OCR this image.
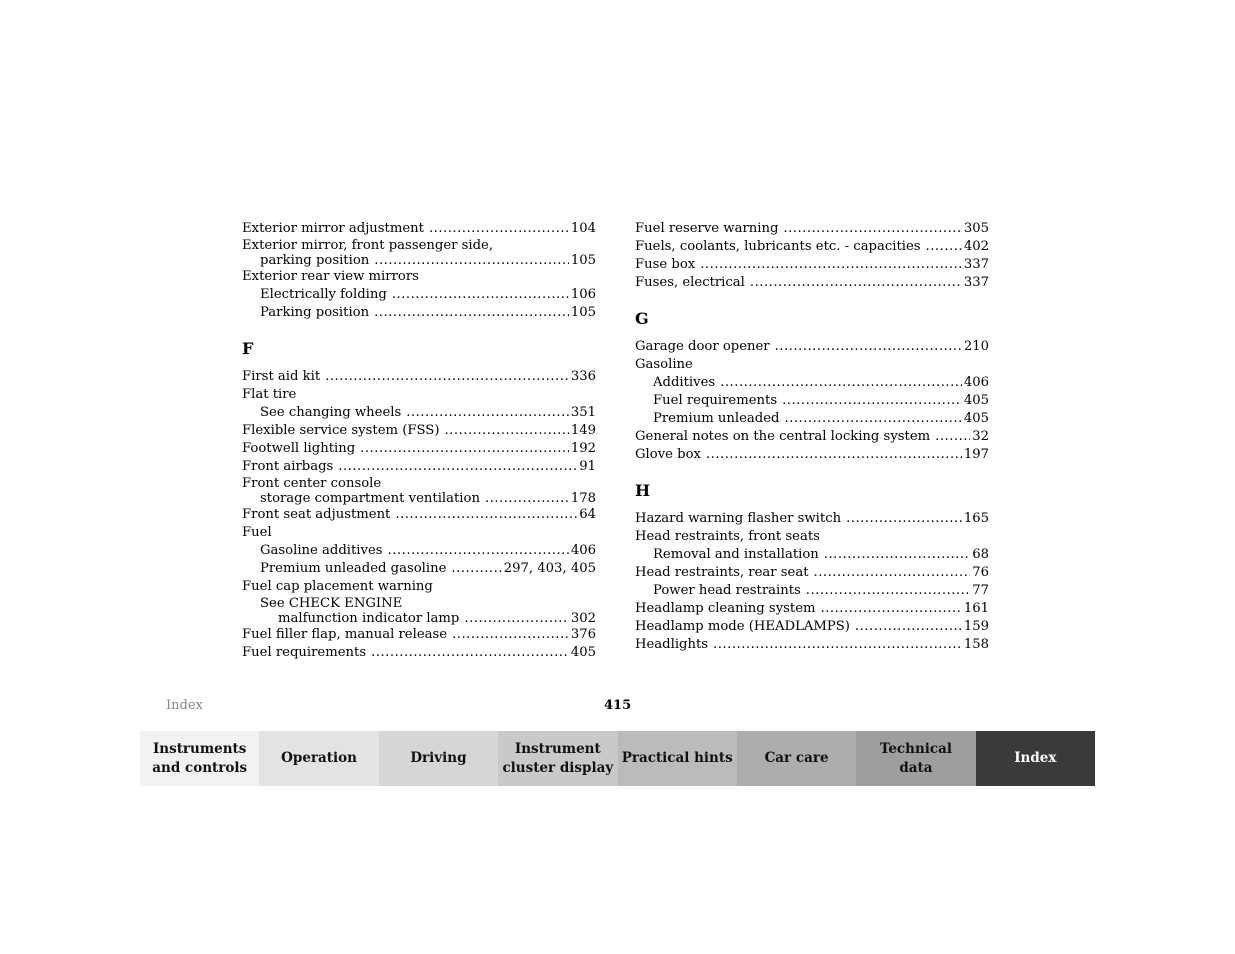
Exterior mirror adjustment .....	104
Exterior mirror, front passenger side,
parking position .....	105
Exterior rear view mirrors
Electrically folding .....	106
Parking position .....	105
F
First aid kit .....	336
Flat tire
See changing wheels .....	351
Flexible service system (FSS) .....	149
Footwell lighting .....	192
Front airbags .....	91
Front center console
storage compartment ventilation .....	178
Front seat adjustment .....	64
Fuel
Gasoline additives .....	406
Premium unleaded gasoline .....	297, 403, 405
Fuel cap placement warning
See CHECK ENGINE
malfunction indicator lamp .....	302
Fuel filler flap, manual release .....	376
Fuel requirements .....	405
Fuel reserve warning .....	305
Fuels, coolants, lubricants etc. - capacities .....	402
Fuse box .....	337
Fuses, electrical .....	337
G
Garage door opener .....	210
Gasoline
Additives .....	406
Fuel requirements .....	405
Premium unleaded .....	405
General notes on the central locking system .....	32
Glove box .....	197
H
Hazard warning flasher switch .....	165
Head restraints, front seats
Removal and installation .....	68
Head restraints, rear seat .....	76
Power head restraints .....	77
Headlamp cleaning system .....	161
Headlamp mode (HEADLAMPS) .....	159
Headlights .....	158
Index	415
Instruments
and controls
Operation	Driving
Instrument
cluster display
Practical hints	Car care
Technical
data
Index
